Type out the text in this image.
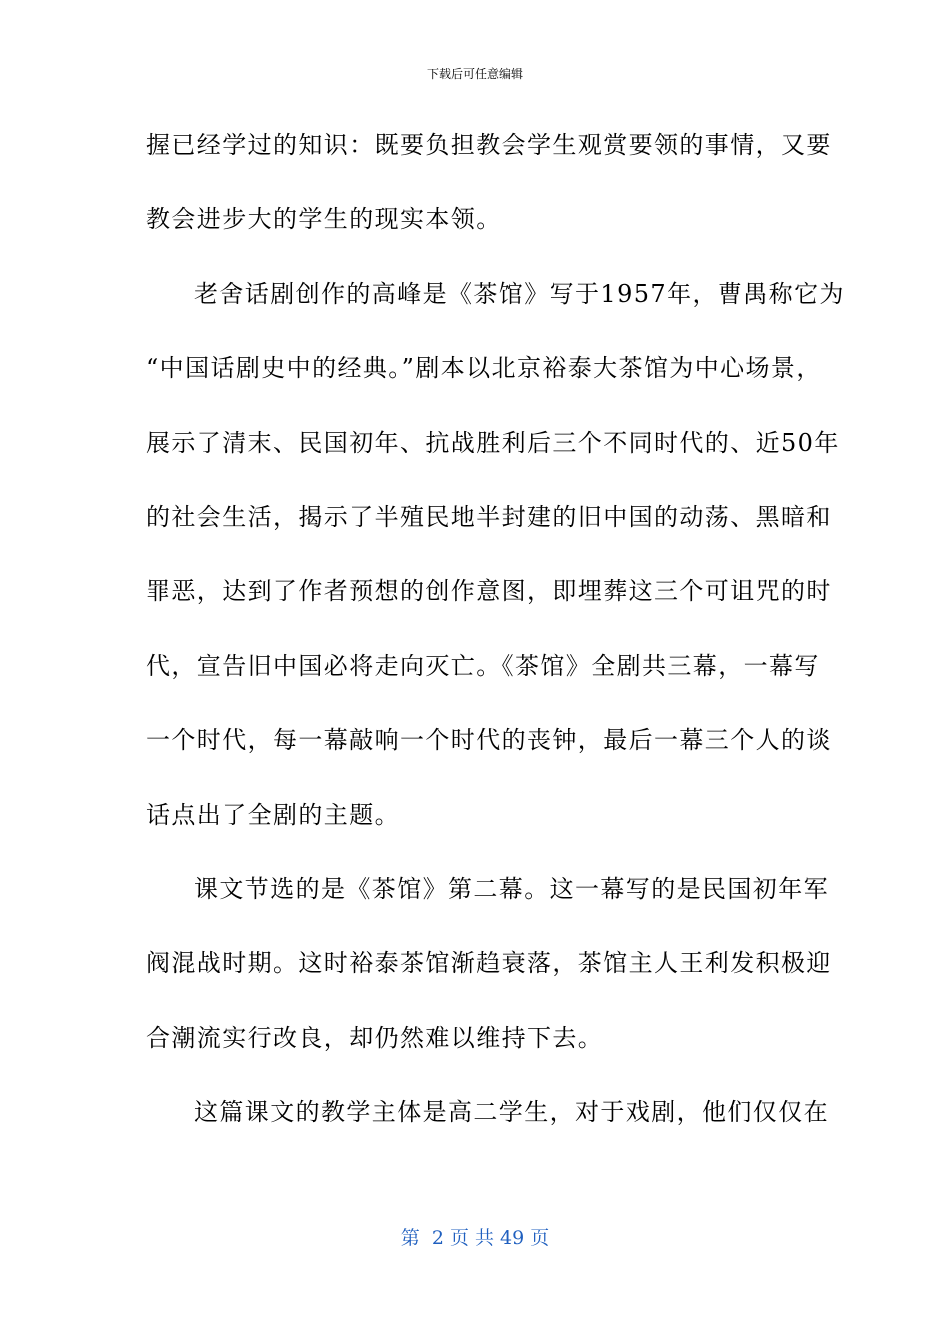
下载后可任意编辑
握已经学过的知识：既要负担教会学生观赏要领的事情，又要
教会进步大的学生的现实本领。
老舍话剧创作的高峰是《茶馆》写于1957年，曹禺称它为
“中国话剧史中的经典。”剧本以北京裕泰大茶馆为中心场景，
展示了清末、民国初年、抗战胜利后三个不同时代的、近50年
的社会生活，揭示了半殖民地半封建的旧中国的动荡、黑暗和
罪恶，达到了作者预想的创作意图，即埋葬这三个可诅咒的时
代，宣告旧中国必将走向灭亡。《茶馆》全剧共三幕，一幕写
一个时代，每一幕敲响一个时代的丧钟，最后一幕三个人的谈
话点出了全剧的主题。
课文节选的是《茶馆》第二幕。这一幕写的是民国初年军
阀混战时期。这时裕泰茶馆渐趋衰落，茶馆主人王利发积极迎
合潮流实行改良，却仍然难以维持下去。
这篇课文的教学主体是高二学生，对于戏剧，他们仅仅在
第  2 页 共 49 页
